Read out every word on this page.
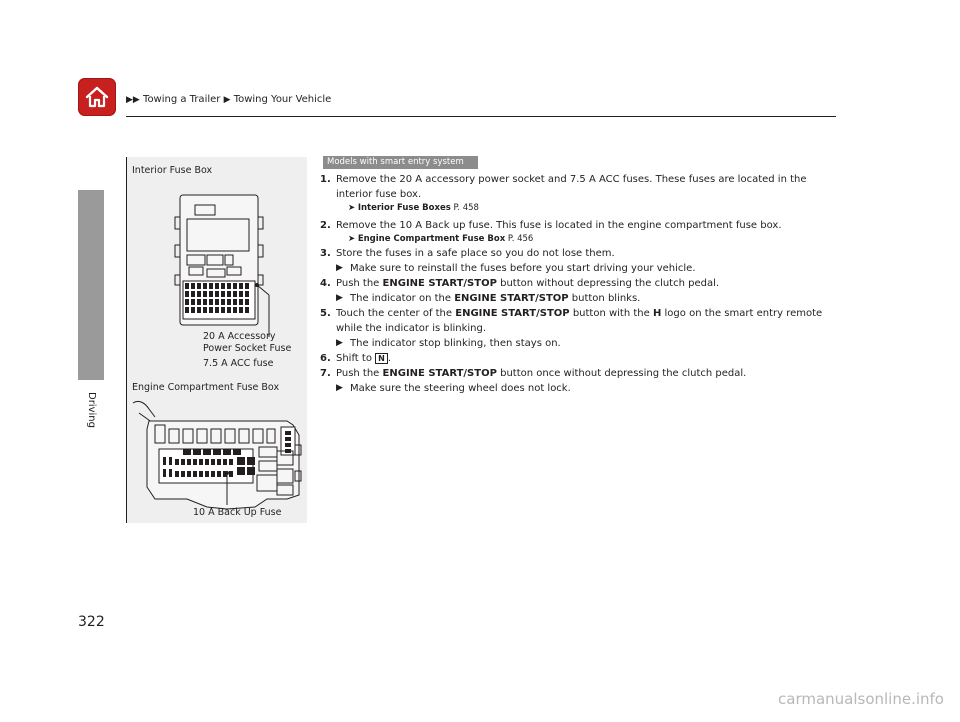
▶▶ Towing a Trailer ▶ Towing Your Vehicle
Driving
322
Interior Fuse Box
20 A Accessory
Power Socket Fuse
7.5 A ACC fuse
Engine Compartment Fuse Box
10 A Back Up Fuse
Models with smart entry system
1. Remove the 20 A accessory power socket and 7.5 A ACC fuses. These fuses are located in the interior fuse box.
➤ Interior Fuse Boxes P. 458
2. Remove the 10 A Back up fuse. This fuse is located in the engine compartment fuse box.
➤ Engine Compartment Fuse Box P. 456
3. Store the fuses in a safe place so you do not lose them.
▶ Make sure to reinstall the fuses before you start driving your vehicle.
4. Push the ENGINE START/STOP button without depressing the clutch pedal.
▶ The indicator on the ENGINE START/STOP button blinks.
5. Touch the center of the ENGINE START/STOP button with the H logo on the smart entry remote while the indicator is blinking.
▶ The indicator stop blinking, then stays on.
6. Shift to N .
7. Push the ENGINE START/STOP button once without depressing the clutch pedal.
▶ Make sure the steering wheel does not lock.
carmanualsonline.info
